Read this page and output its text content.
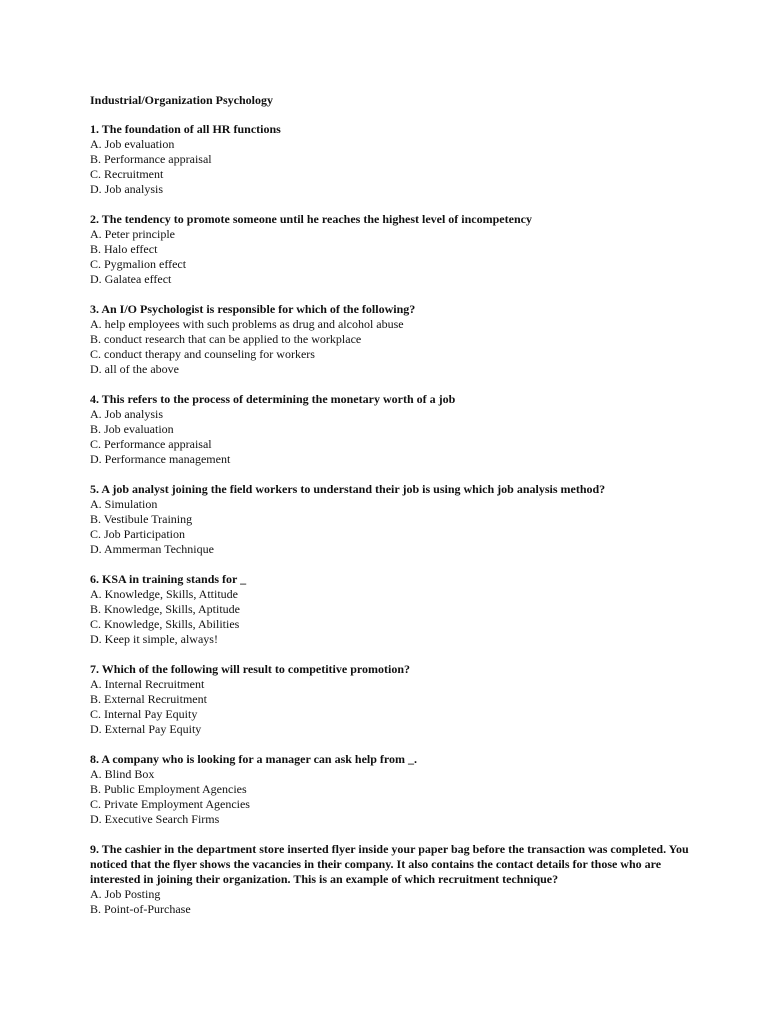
Industrial/Organization Psychology
1. The foundation of all HR functions
A. Job evaluation
B. Performance appraisal
C. Recruitment
D. Job analysis
2. The tendency to promote someone until he reaches the highest level of incompetency
A. Peter principle
B. Halo effect
C. Pygmalion effect
D. Galatea effect
3. An I/O Psychologist is responsible for which of the following?
A. help employees with such problems as drug and alcohol abuse
B. conduct research that can be applied to the workplace
C. conduct therapy and counseling for workers
D. all of the above
4. This refers to the process of determining the monetary worth of a job
A. Job analysis
B. Job evaluation
C. Performance appraisal
D. Performance management
5. A job analyst joining the field workers to understand their job is using which job analysis method?
A. Simulation
B. Vestibule Training
C. Job Participation
D. Ammerman Technique
6. KSA in training stands for _
A. Knowledge, Skills, Attitude
B. Knowledge, Skills, Aptitude
C. Knowledge, Skills, Abilities
D. Keep it simple, always!
7. Which of the following will result to competitive promotion?
A. Internal Recruitment
B. External Recruitment
C. Internal Pay Equity
D. External Pay Equity
8. A company who is looking for a manager can ask help from _.
A. Blind Box
B. Public Employment Agencies
C. Private Employment Agencies
D. Executive Search Firms
9. The cashier in the department store inserted flyer inside your paper bag before the transaction was completed. You noticed that the flyer shows the vacancies in their company. It also contains the contact details for those who are interested in joining their organization. This is an example of which recruitment technique?
A. Job Posting
B. Point-of-Purchase
